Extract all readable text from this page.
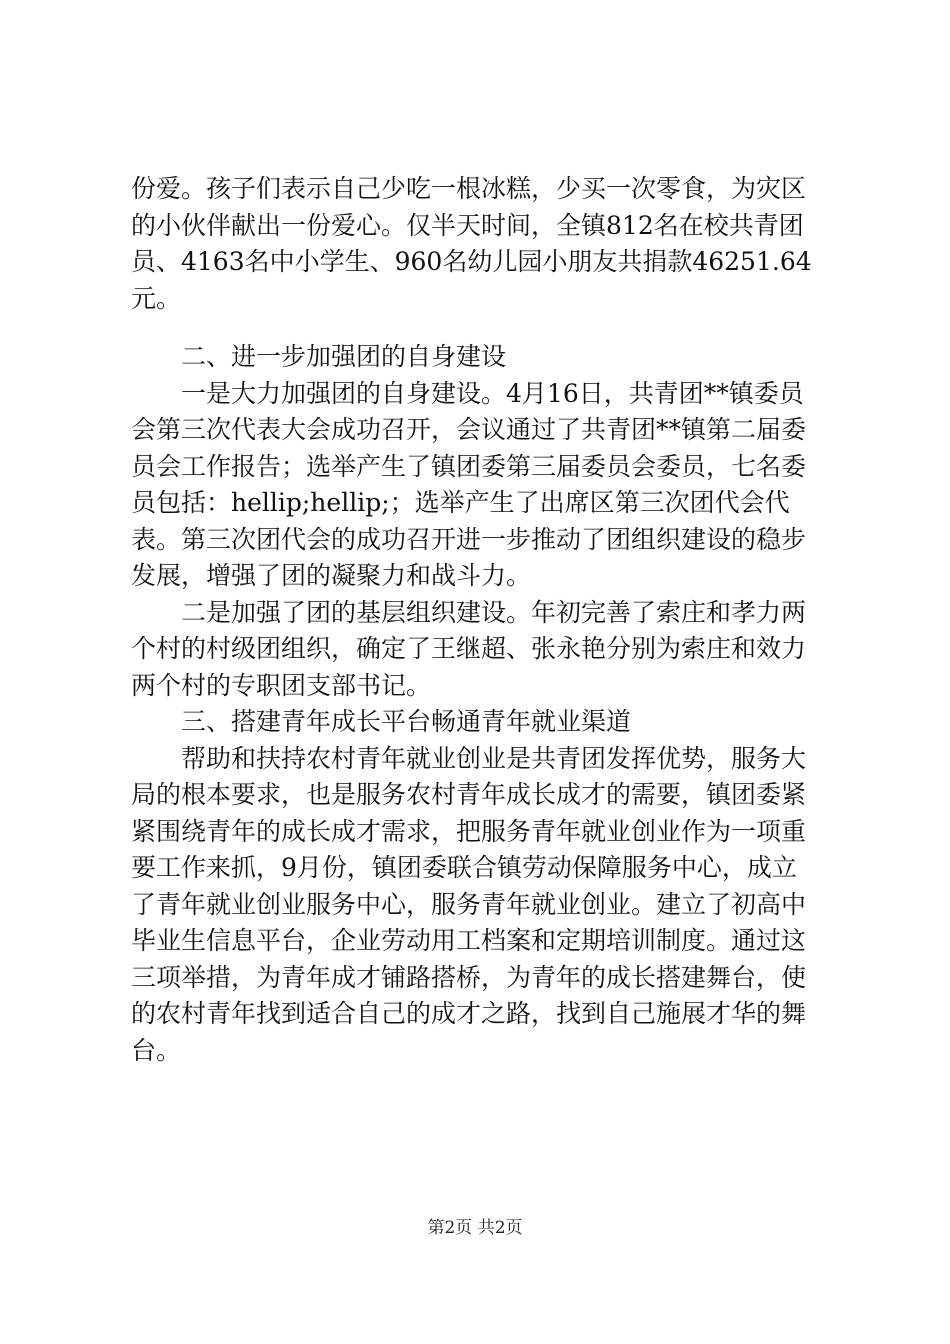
份爱。孩子们表示自己少吃一根冰糕，少买一次零食，为灾区
的小伙伴献出一份爱心。仅半天时间，全镇812名在校共青团
员、4163名中小学生、960名幼儿园小朋友共捐款46251.64元。

二、进一步加强团的自身建设

一是大力加强团的自身建设。4月16日，共青团**镇委员
会第三次代表大会成功召开，会议通过了共青团**镇第二届委
员会工作报告；选举产生了镇团委第三届委员会委员，七名委
员包括：hellip;hellip;；选举产生了出席区第三次团代会代
表。第三次团代会的成功召开进一步推动了团组织建设的稳步
发展，增强了团的凝聚力和战斗力。

二是加强了团的基层组织建设。年初完善了索庄和孝力两
个村的村级团组织，确定了王继超、张永艳分别为索庄和效力
两个村的专职团支部书记。

三、搭建青年成长平台畅通青年就业渠道

帮助和扶持农村青年就业创业是共青团发挥优势，服务大
局的根本要求，也是服务农村青年成长成才的需要，镇团委紧
紧围绕青年的成长成才需求，把服务青年就业创业作为一项重
要工作来抓，9月份，镇团委联合镇劳动保障服务中心，成立
了青年就业创业服务中心，服务青年就业创业。建立了初高中
毕业生信息平台，企业劳动用工档案和定期培训制度。通过这
三项举措，为青年成才铺路搭桥，为青年的成长搭建舞台，使
的农村青年找到适合自己的成才之路，找到自己施展才华的舞
台。

第2页 共2页
